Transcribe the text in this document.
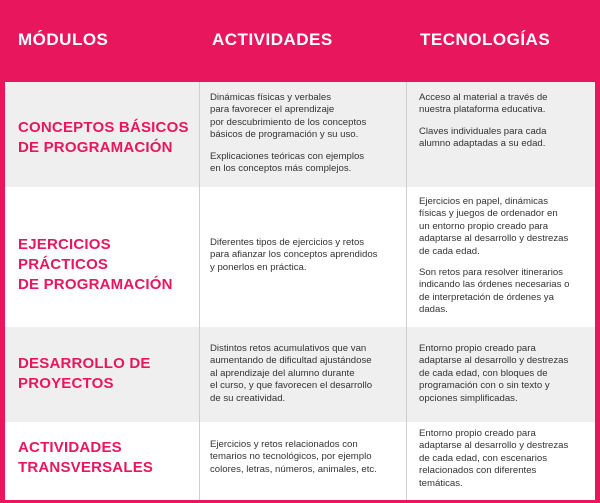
MÓDULOS	ACTIVIDADES	TECNOLOGÍAS
CONCEPTOS BÁSICOS
DE PROGRAMACIÓN

Dinámicas físicas y verbales
para favorecer el aprendizaje
por descubrimiento de los conceptos
básicos de programación y su uso.

Explicaciones teóricas con ejemplos
en los conceptos más complejos.

Acceso al material a través de
nuestra plataforma educativa.

Claves individuales para cada
alumno adaptadas a su edad.

EJERCICIOS PRÁCTICOS
DE PROGRAMACIÓN

Diferentes tipos de ejercicios y retos
para afianzar los conceptos aprendidos
y ponerlos en práctica.

Ejercicios en papel, dinámicas
físicas y juegos de ordenador en
un entorno propio creado para
adaptarse al desarrollo y destrezas
de cada edad.

Son retos para resolver itinerarios
indicando las órdenes necesarias o
de interpretación de órdenes ya
dadas.

DESARROLLO DE
PROYECTOS

Distintos retos acumulativos que van
aumentando de dificultad ajustándose
al aprendizaje del alumno durante
el curso, y que favorecen el desarrollo
de su creatividad.

Entorno propio creado para
adaptarse al desarrollo y destrezas
de cada edad, con bloques de
programación con o sin texto y
opciones simplificadas.

ACTIVIDADES
TRANSVERSALES

Ejercicios y retos relacionados con
temarios no tecnológicos, por ejemplo
colores, letras, números, animales, etc.

Entorno propio creado para
adaptarse al desarrollo y destrezas
de cada edad, con escenarios
relacionados con diferentes
temáticas.
